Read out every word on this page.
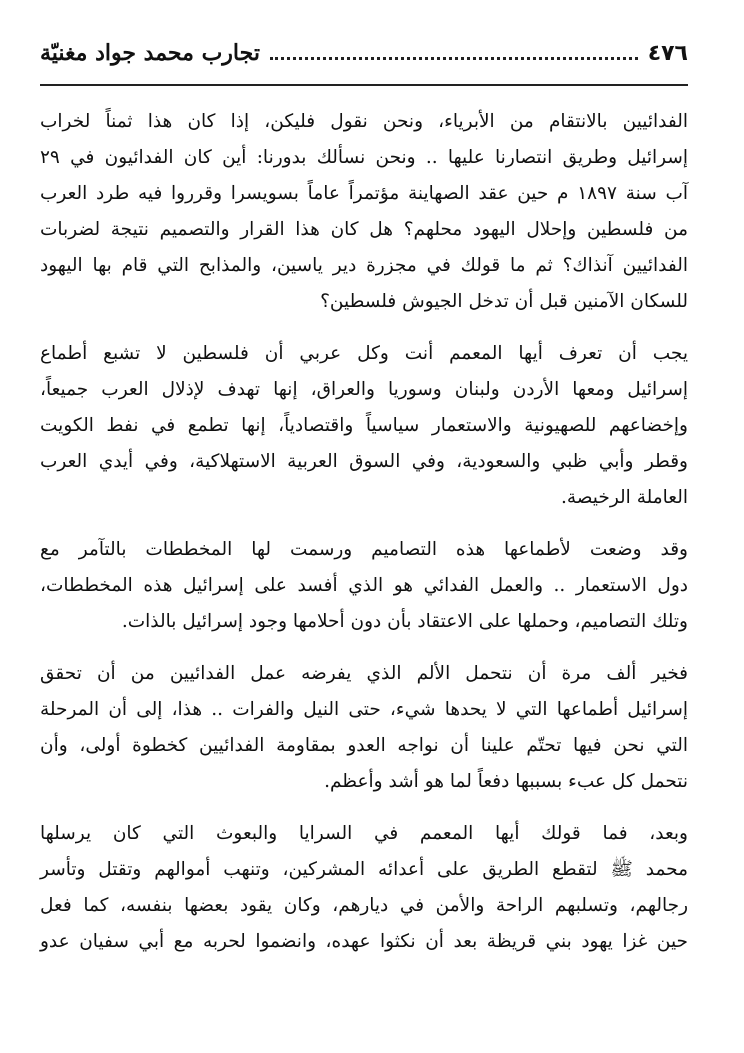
٤٧٦
تجارب محمد جواد مغنيّة

الفدائيين بالانتقام من الأبرياء، ونحن نقول فليكن، إذا كان هذا ثمناً لخراب
إسرائيل وطريق انتصارنا عليها .. ونحن نسألك بدورنا: أين كان الفدائيون في ٢٩
آب سنة ١٨٩٧ م حين عقد الصهاينة مؤتمراً عاماً بسويسرا وقرروا فيه طرد العرب
من فلسطين وإحلال اليهود محلهم؟ هل كان هذا القرار والتصميم نتيجة لضربات
الفدائيين آنذاك؟ ثم ما قولك في مجزرة دير ياسين، والمذابح التي قام بها اليهود
للسكان الآمنين قبل أن تدخل الجيوش فلسطين؟

يجب أن تعرف أيها المعمم أنت وكل عربي أن فلسطين لا تشبع أطماع
إسرائيل ومعها الأردن ولبنان وسوريا والعراق، إنها تهدف لإذلال العرب جميعاً،
وإخضاعهم للصهيونية والاستعمار سياسياً واقتصادياً، إنها تطمع في نفط الكويت
وقطر وأبي ظبي والسعودية، وفي السوق العربية الاستهلاكية، وفي أيدي العرب
العاملة الرخيصة.

وقد وضعت لأطماعها هذه التصاميم ورسمت لها المخططات بالتآمر مع
دول الاستعمار .. والعمل الفدائي هو الذي أفسد على إسرائيل هذه المخططات،
وتلك التصاميم، وحملها على الاعتقاد بأن دون أحلامها وجود إسرائيل بالذات.

فخير ألف مرة أن نتحمل الألم الذي يفرضه عمل الفدائيين من أن تحقق
إسرائيل أطماعها التي لا يحدها شيء، حتى النيل والفرات .. هذا، إلى أن المرحلة
التي نحن فيها تحتّم علينا أن نواجه العدو بمقاومة الفدائيين كخطوة أولى، وأن
نتحمل كل عبء بسببها دفعاً لما هو أشد وأعظم.

وبعد، فما قولك أيها المعمم في السرايا والبعوث التي كان يرسلها
محمد ﷺ لتقطع الطريق على أعدائه المشركين، وتنهب أموالهم وتقتل وتأسر
رجالهم، وتسلبهم الراحة والأمن في ديارهم، وكان يقود بعضها بنفسه، كما فعل
حين غزا يهود بني قريظة بعد أن نكثوا عهده، وانضموا لحربه مع أبي سفيان عدو
